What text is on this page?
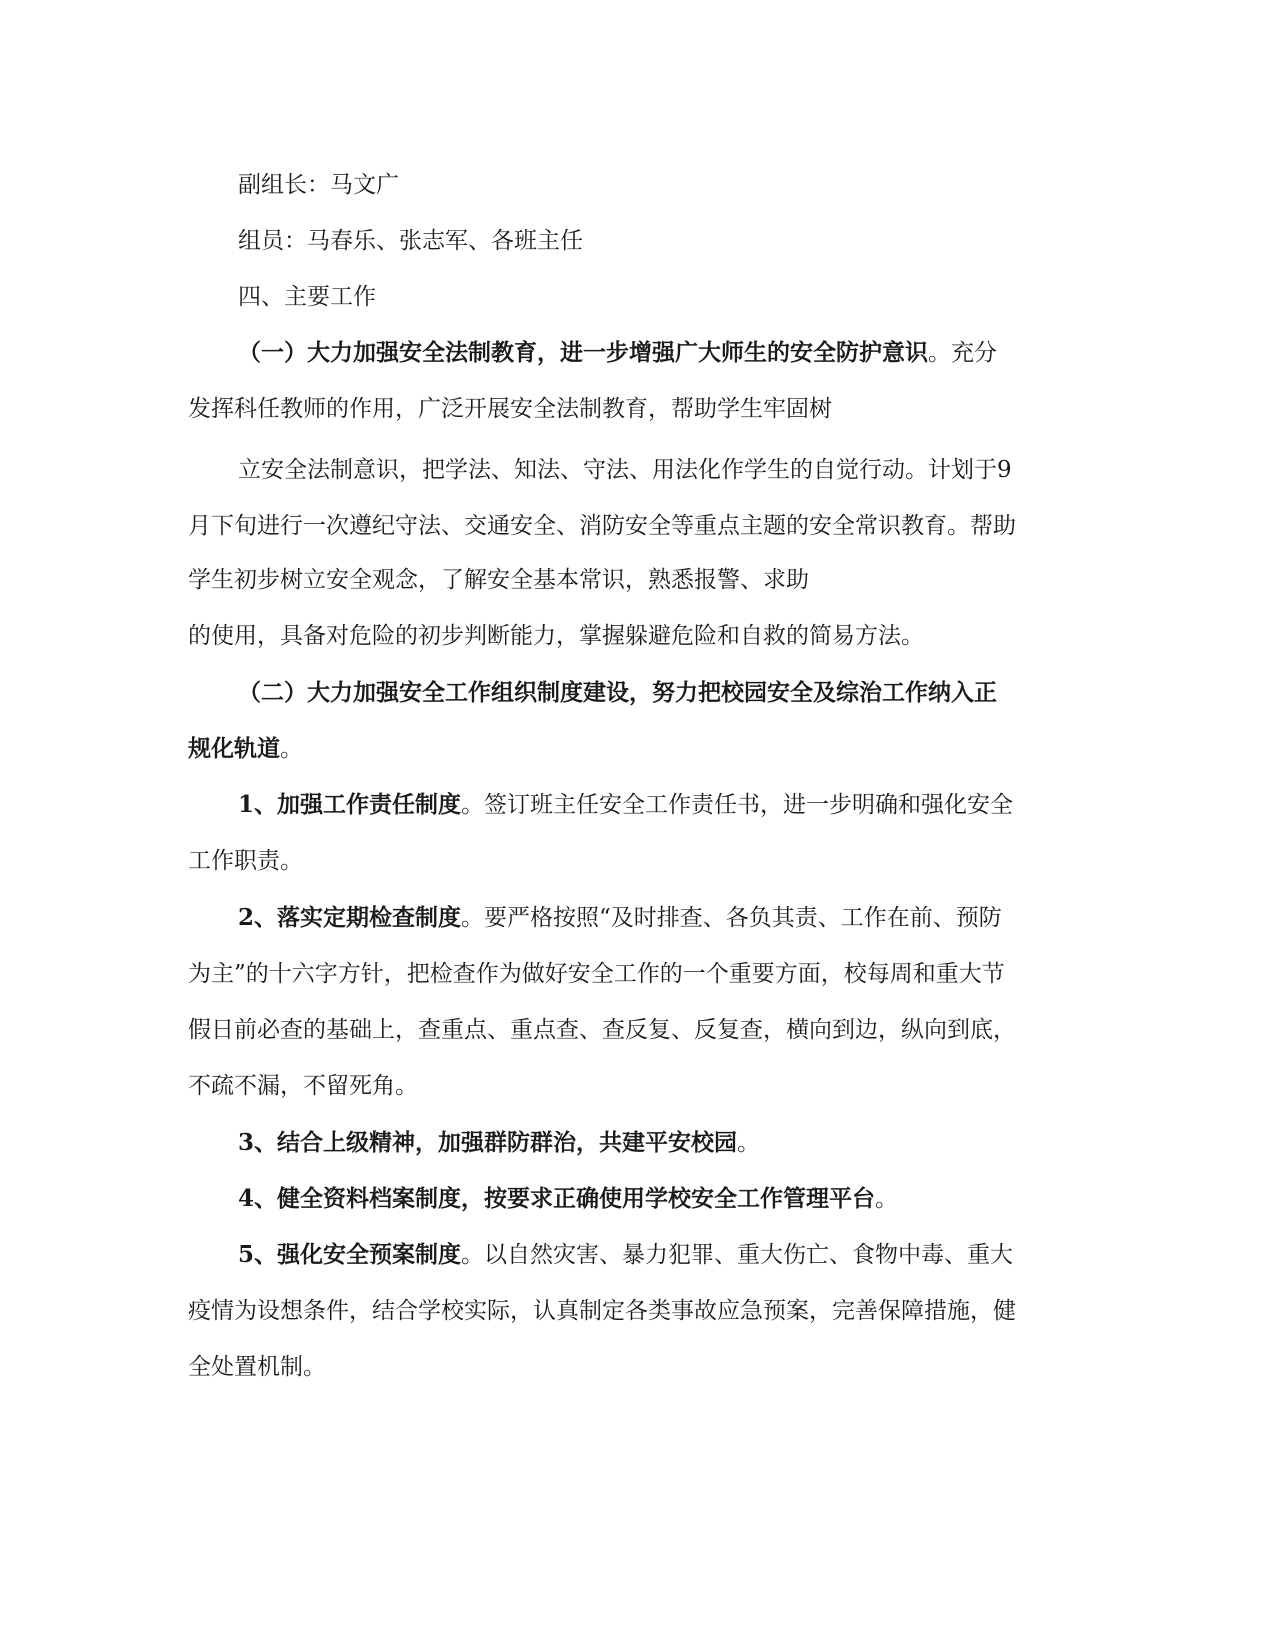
副组长：马文广
组员：马春乐、张志军、各班主任
四、主要工作
（一）大力加强安全法制教育，进一步增强广大师生的安全防护意识。充分
发挥科任教师的作用，广泛开展安全法制教育，帮助学生牢固树
立安全法制意识，把学法、知法、守法、用法化作学生的自觉行动。计划于9
月下旬进行一次遵纪守法、交通安全、消防安全等重点主题的安全常识教育。帮助
学生初步树立安全观念，了解安全基本常识，熟悉报警、求助
的使用，具备对危险的初步判断能力，掌握躲避危险和自救的简易方法。
（二）大力加强安全工作组织制度建设，努力把校园安全及综治工作纳入正
规化轨道。
1、加强工作责任制度。签订班主任安全工作责任书，进一步明确和强化安全
工作职责。
2、落实定期检查制度。要严格按照“及时排查、各负其责、工作在前、预防
为主”的十六字方针，把检查作为做好安全工作的一个重要方面，校每周和重大节
假日前必查的基础上，查重点、重点查、查反复、反复查，横向到边，纵向到底，
不疏不漏，不留死角。
3、结合上级精神，加强群防群治，共建平安校园。
4、健全资料档案制度，按要求正确使用学校安全工作管理平台。
5、强化安全预案制度。以自然灾害、暴力犯罪、重大伤亡、食物中毒、重大
疫情为设想条件，结合学校实际，认真制定各类事故应急预案，完善保障措施，健
全处置机制。
